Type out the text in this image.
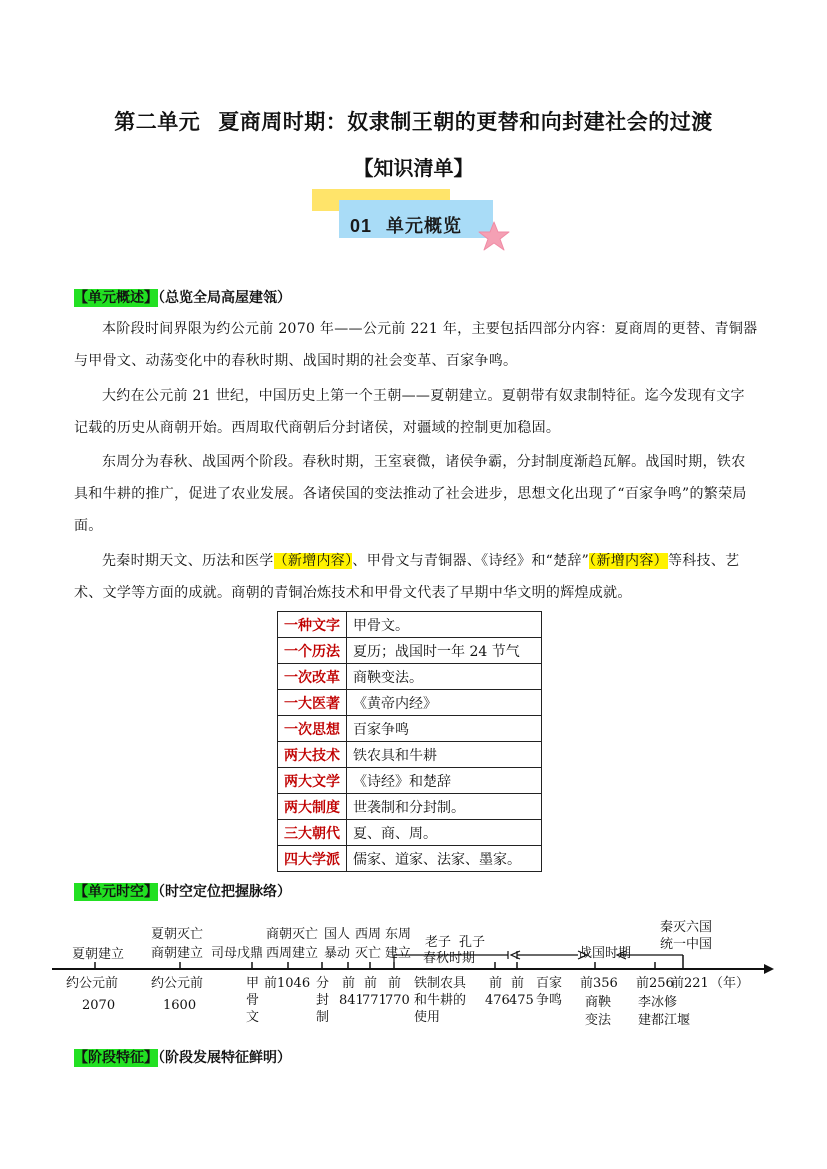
第二单元 夏商周时期：奴隶制王朝的更替和向封建社会的过渡
【知识清单】
01 单元概览
【单元概述】（总览全局高屋建瓴）
本阶段时间界限为约公元前 2070 年——公元前 221 年，主要包括四部分内容：夏商周的更替、青铜器与甲骨文、动荡变化中的春秋时期、战国时期的社会变革、百家争鸣。
大约在公元前 21 世纪，中国历史上第一个王朝——夏朝建立。夏朝带有奴隶制特征。迄今发现有文字记载的历史从商朝开始。西周取代商朝后分封诸侯，对疆域的控制更加稳固。
东周分为春秋、战国两个阶段。春秋时期，王室衰微，诸侯争霸，分封制度渐趋瓦解。战国时期，铁农具和牛耕的推广，促进了农业发展。各诸侯国的变法推动了社会进步，思想文化出现了“百家争鸣”的繁荣局面。
先秦时期天文、历法和医学（新增内容）、甲骨文与青铜器、《诗经》和“楚辞”（新增内容）等科技、艺术、文学等方面的成就。商朝的青铜冶炼技术和甲骨文代表了早期中华文明的辉煌成就。
一种文字	甲骨文。
一个历法	夏历；战国时一年 24 节气
一次改革	商鞅变法。
一大医著	《黄帝内经》
一次思想	百家争鸣
两大技术	铁农具和牛耕
两大文学	《诗经》和楚辞
两大制度	世袭制和分封制。
三大朝代	夏、商、周。
四大学派	儒家、道家、法家、墨家。
【单元时空】（时空定位把握脉络）
夏朝建立
夏朝灭亡
商朝建立 司母戊鼎
商朝灭亡
西周建立
国人
暴动
西周
灭亡
东周
建立
老子 孔子
春秋时期	战国时期
秦灭六国
统一中国
约公元前
2070
约公元前
1600
甲
骨
文
前1046 分
封
制
前 前 前
841
771
770
铁制农具
和牛耕的
使用
前 前
476 475
百家
争鸣
前356
商鞅
变法
前256
前221 （年）
李冰修
建都江堰
【阶段特征】（阶段发展特征鲜明）
